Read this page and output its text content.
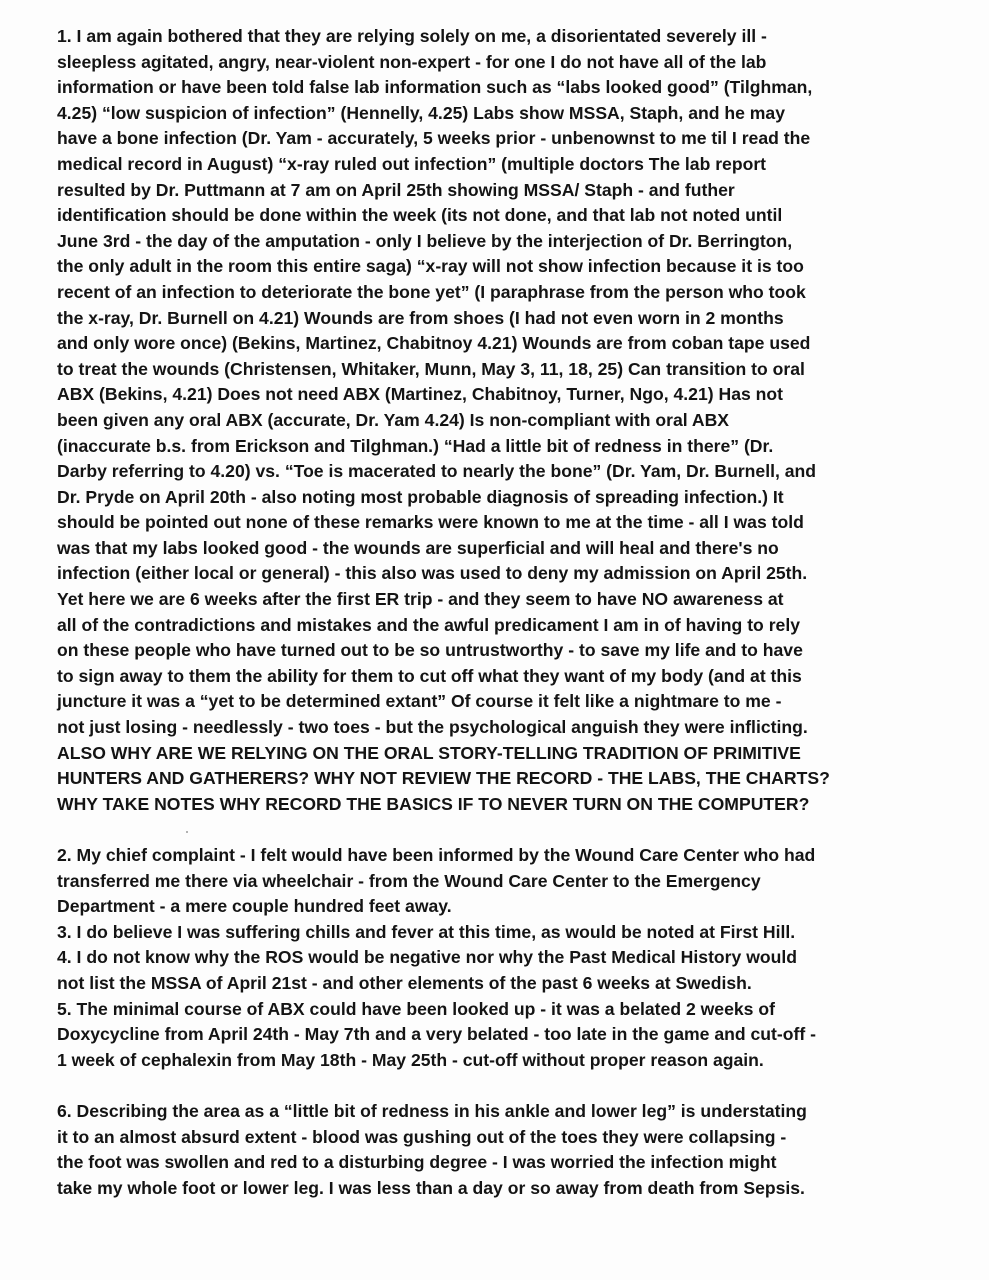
1. I am again bothered that they are relying solely on me, a disorientated severely ill -
sleepless agitated, angry, near-violent non-expert - for one I do not have all of the lab
information or have been told false lab information such as “labs looked good” (Tilghman,
4.25) “low suspicion of infection” (Hennelly, 4.25) Labs show MSSA, Staph, and he may
have a bone infection (Dr. Yam - accurately, 5 weeks prior - unbenownst to me til I read the
medical record in August) “x-ray ruled out infection” (multiple doctors The lab report
resulted by Dr. Puttmann at 7 am on April 25th showing MSSA/ Staph - and futher
identification should be done within the week (its not done, and that lab not noted until
June 3rd - the day of the amputation - only I believe by the interjection of Dr. Berrington,
the only adult in the room this entire saga) “x-ray will not show infection because it is too
recent of an infection to deteriorate the bone yet” (I paraphrase from the person who took
the x-ray, Dr. Burnell on 4.21) Wounds are from shoes (I had not even worn in 2 months
and only wore once) (Bekins, Martinez, Chabitnoy 4.21) Wounds are from coban tape used
to treat the wounds (Christensen, Whitaker, Munn, May 3, 11, 18, 25) Can transition to oral
ABX (Bekins, 4.21) Does not need ABX (Martinez, Chabitnoy, Turner, Ngo, 4.21) Has not
been given any oral ABX (accurate, Dr. Yam 4.24) Is non-compliant with oral ABX
(inaccurate b.s. from Erickson and Tilghman.) “Had a little bit of redness in there” (Dr.
Darby referring to 4.20) vs. “Toe is macerated to nearly the bone” (Dr. Yam, Dr. Burnell, and
Dr. Pryde on April 20th - also noting most probable diagnosis of spreading infection.) It
should be pointed out none of these remarks were known to me at the time - all I was told
was that my labs looked good - the wounds are superficial and will heal and there's no
infection (either local or general) - this also was used to deny my admission on April 25th.
Yet here we are 6 weeks after the first ER trip - and they seem to have NO awareness at
all of the contradictions and mistakes and the awful predicament I am in of having to rely
on these people who have turned out to be so untrustworthy - to save my life and to have
to sign away to them the ability for them to cut off what they want of my body (and at this
juncture it was a “yet to be determined extant” Of course it felt like a nightmare to me -
not just losing - needlessly - two toes - but the psychological anguish they were inflicting.
ALSO WHY ARE WE RELYING ON THE ORAL STORY-TELLING TRADITION OF PRIMITIVE
HUNTERS AND GATHERERS? WHY NOT REVIEW THE RECORD - THE LABS, THE CHARTS?
WHY TAKE NOTES WHY RECORD THE BASICS IF TO NEVER TURN ON THE COMPUTER?
2. My chief complaint - I felt would have been informed by the Wound Care Center who had
transferred me there via wheelchair - from the Wound Care Center to the Emergency
Department - a mere couple hundred feet away.
3. I do believe I was suffering chills and fever at this time, as would be noted at First Hill.
4. I do not know why the ROS would be negative nor why the Past Medical History would
not list the MSSA of April 21st - and other elements of the past 6 weeks at Swedish.
5. The minimal course of ABX could have been looked up - it was a belated 2 weeks of
Doxycycline from April 24th - May 7th and a very belated - too late in the game and cut-off -
1 week of cephalexin from May 18th - May 25th - cut-off without proper reason again.
6. Describing the area as a “little bit of redness in his ankle and lower leg” is understating
it to an almost absurd extent - blood was gushing out of the toes they were collapsing -
the foot was swollen and red to a disturbing degree - I was worried the infection might
take my whole foot or lower leg. I was less than a day or so away from death from Sepsis.
